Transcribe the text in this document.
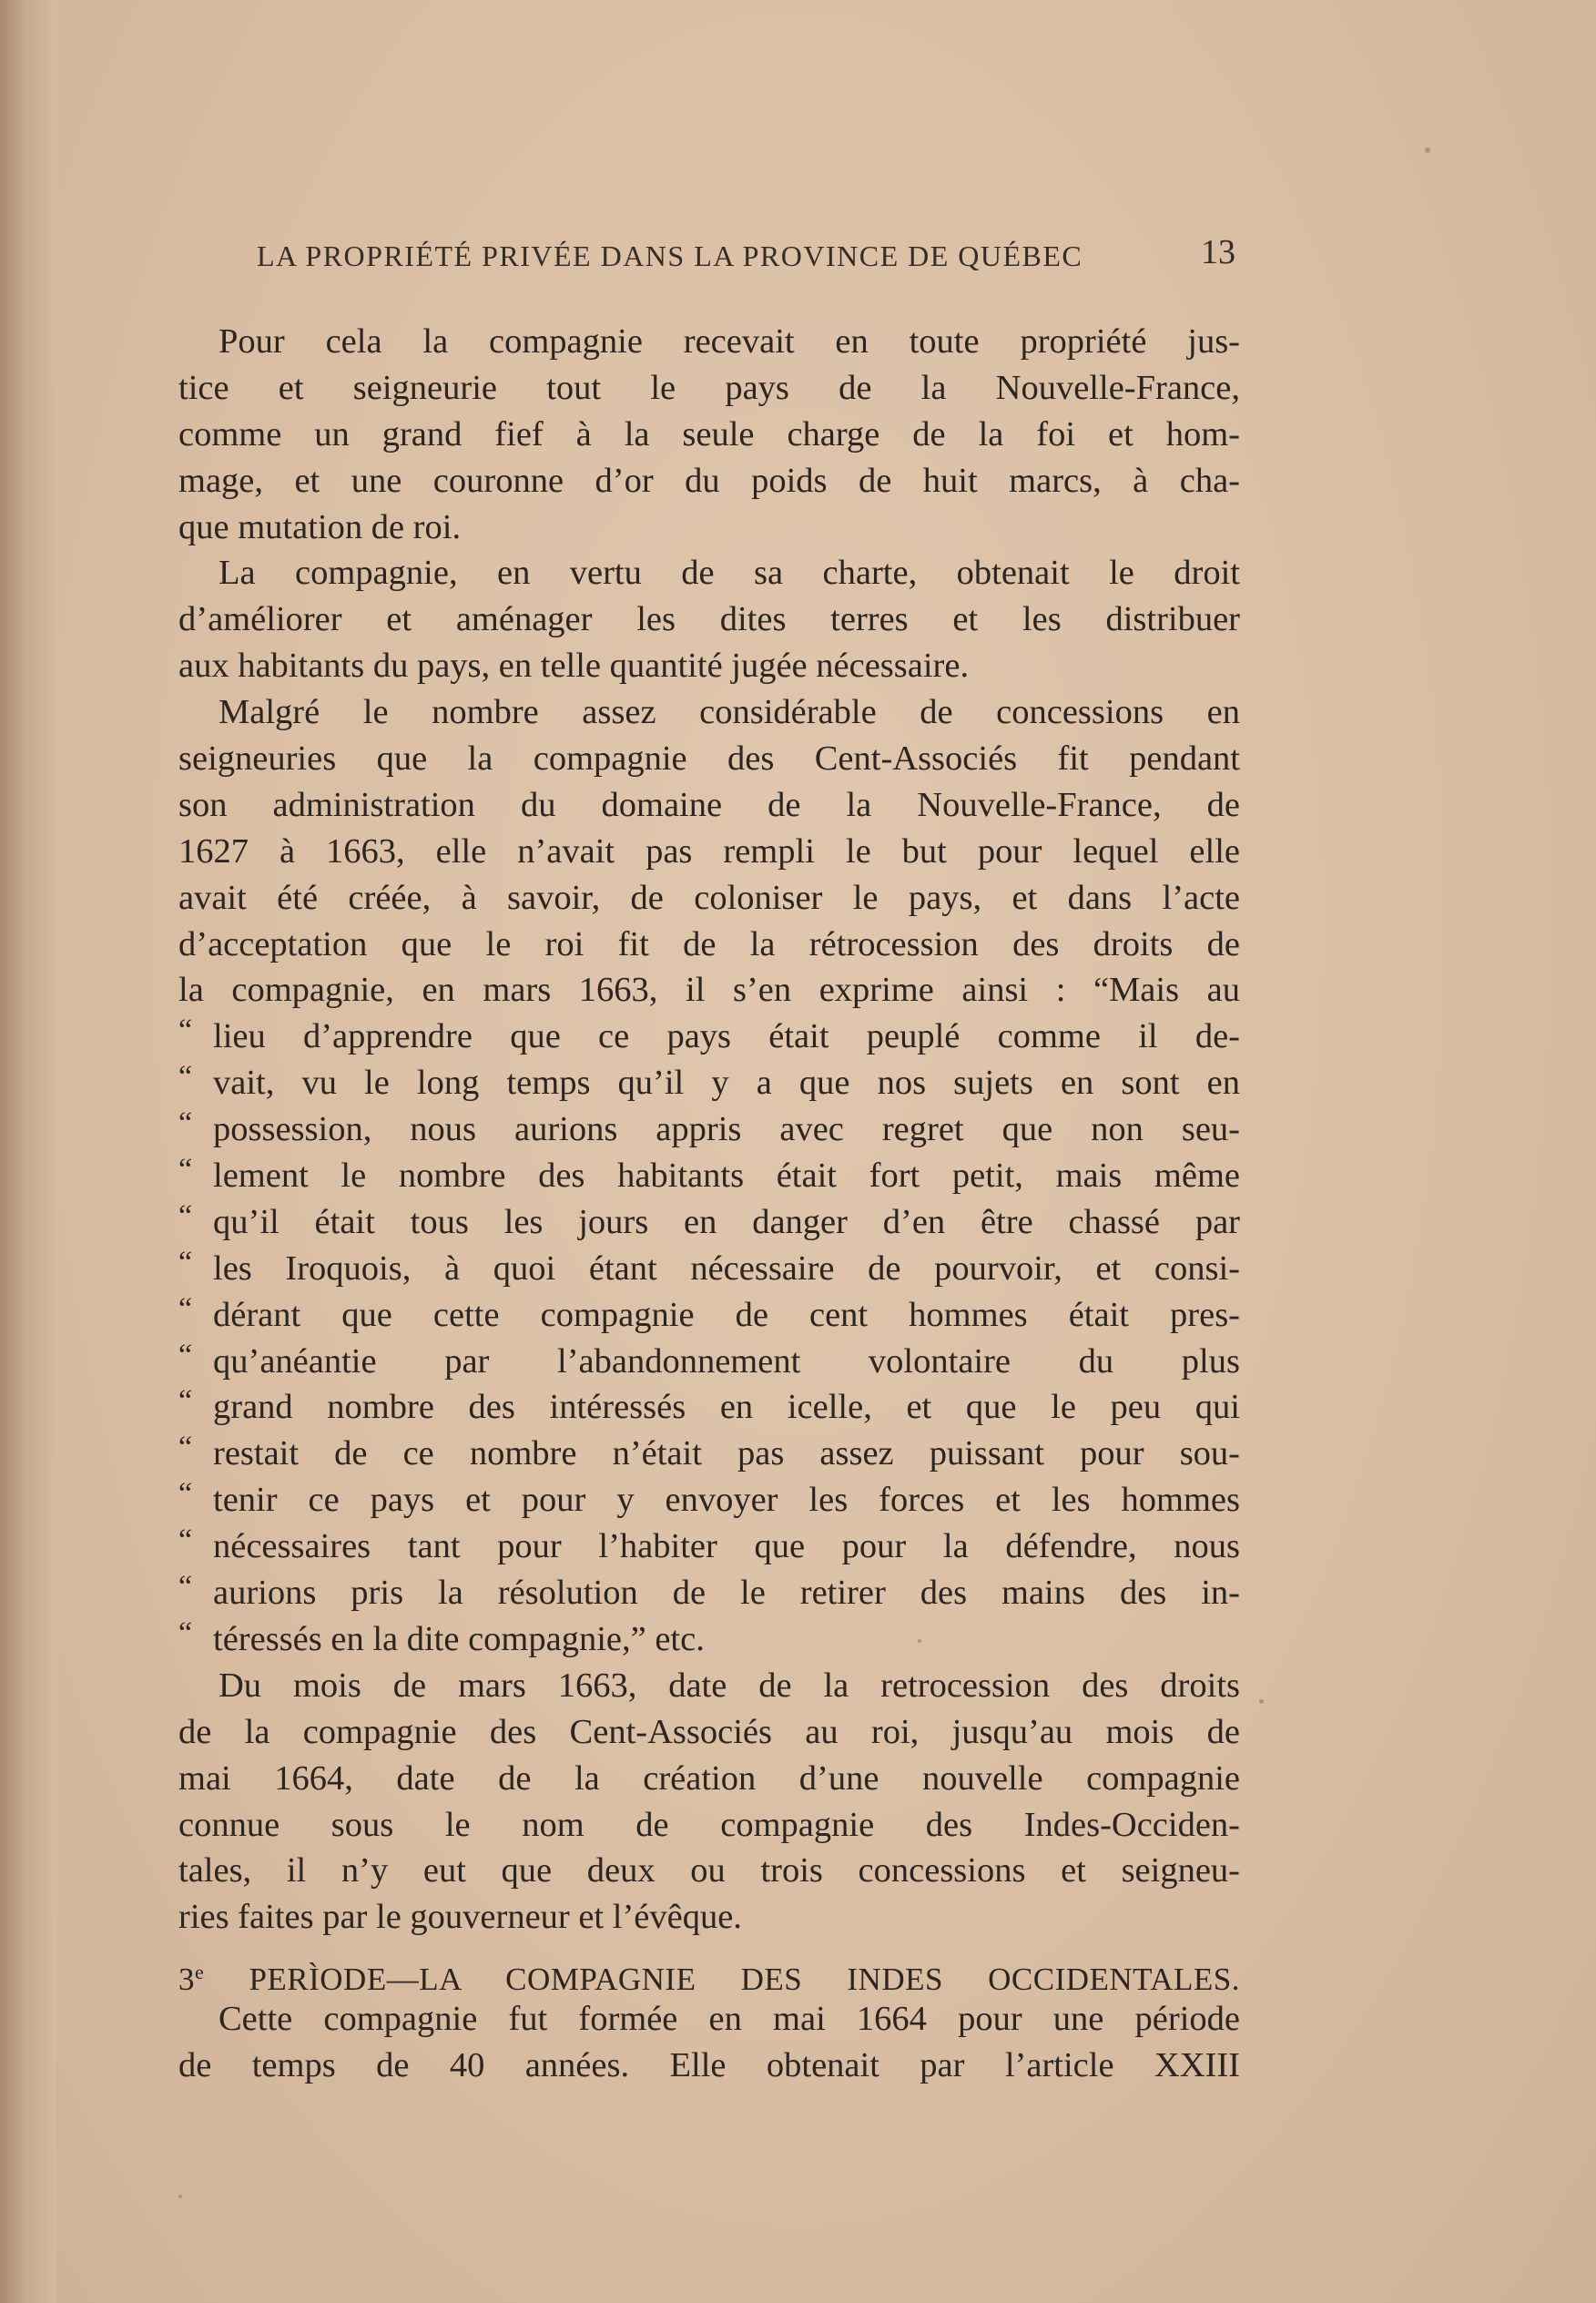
LA PROPRIÉTÉ PRIVÉE DANS LA PROVINCE DE QUÉBEC	13
Pour cela la compagnie recevait en toute propriété jus-
tice et seigneurie tout le pays de la Nouvelle-France,
comme un grand fief à la seule charge de la foi et hom-
mage, et une couronne d’or du poids de huit marcs, à cha-
que mutation de roi.
La compagnie, en vertu de sa charte, obtenait le droit
d’améliorer et aménager les dites terres et les distribuer
aux habitants du pays, en telle quantité jugée nécessaire.
Malgré le nombre assez considérable de concessions en
seigneuries que la compagnie des Cent-Associés fit pendant
son administration du domaine de la Nouvelle-France, de
1627 à 1663, elle n’avait pas rempli le but pour lequel elle
avait été créée, à savoir, de coloniser le pays, et dans l’acte
d’acceptation que le roi fit de la rétrocession des droits de
la compagnie, en mars 1663, il s’en exprime ainsi : “Mais au
“ lieu d’apprendre que ce pays était peuplé comme il de-
“ vait, vu le long temps qu’il y a que nos sujets en sont en
“ possession, nous aurions appris avec regret que non seu-
“ lement le nombre des habitants était fort petit, mais même
“ qu’il était tous les jours en danger d’en être chassé par
“ les Iroquois, à quoi étant nécessaire de pourvoir, et consi-
“ dérant que cette compagnie de cent hommes était pres-
“ qu’anéantie par l’abandonnement volontaire du plus
“ grand nombre des intéressés en icelle, et que le peu qui
“ restait de ce nombre n’était pas assez puissant pour sou-
“ tenir ce pays et pour y envoyer les forces et les hommes
“ nécessaires tant pour l’habiter que pour la défendre, nous
“ aurions pris la résolution de le retirer des mains des in-
“ téressés en la dite compagnie,” etc.
Du mois de mars 1663, date de la retrocession des droits
de la compagnie des Cent-Associés au roi, jusqu’au mois de
mai 1664, date de la création d’une nouvelle compagnie
connue sous le nom de compagnie des Indes-Occiden-
tales, il n’y eut que deux ou trois concessions et seigneu-
ries faites par le gouverneur et l’évêque.
3e PERÌODE—LA COMPAGNIE DES INDES OCCIDENTALES.
Cette compagnie fut formée en mai 1664 pour une période
de temps de 40 années. Elle obtenait par l’article XXIII
